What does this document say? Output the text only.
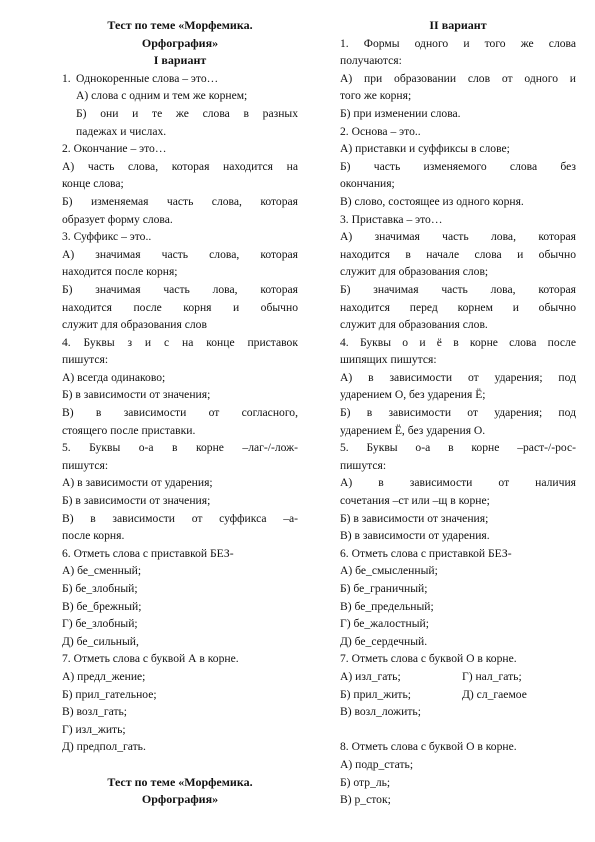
Тест по теме «Морфемика.
Орфография»
I вариант
1. Однокоренные слова – это…
А) слова с одним и тем же корнем;
Б) они и те же слова в разных
падежах и числах.
2. Окончание – это…
А) часть слова, которая находится на
конце слова;
Б) изменяемая часть слова, которая
образует форму слова.
3. Суффикс – это..
А) значимая часть слова, которая
находится после корня;
Б) значимая часть лова, которая
находится после корня и обычно
служит для образования слов
4. Буквы з и с на конце приставок
пишутся:
А) всегда одинаково;
Б) в зависимости от значения;
В) в зависимости от согласного,
стоящего после приставки.
5. Буквы о-а в корне –лаг-/-лож-
пишутся:
А) в зависимости от ударения;
Б) в зависимости от значения;
В) в зависимости от суффикса –а-
после корня.
6. Отметь слова с приставкой БЕЗ-
А) бе_сменный;
Б) бе_злобный;
В) бе_брежный;
Г) бе_злобный;
Д) бе_сильный,
7. Отметь слова с буквой А в корне.
А) предл_жение;
Б) прил_гательное;
В) возл_гать;
Г) изл_жить;
Д) предпол_гать.
Тест по теме «Морфемика.
Орфография»
II вариант
1. Формы одного и того же слова
получаются:
А) при образовании слов от одного и
того же корня;
Б) при изменении слова.
2. Основа – это..
А) приставки и суффиксы в слове;
Б) часть изменяемого слова без
окончания;
В) слово, состоящее из одного корня.
3. Приставка – это…
А) значимая часть лова, которая
находится в начале слова и обычно
служит для образования слов;
Б) значимая часть лова, которая
находится перед корнем и обычно
служит для образования слов.
4. Буквы о и ё в корне слова после
шипящих пишутся:
А) в зависимости от ударения; под
ударением О, без ударения Ё;
Б) в зависимости от ударения; под
ударением Ё, без ударения О.
5. Буквы о-а в корне –раст-/-рос-
пишутся:
А) в зависимости от наличия
сочетания –ст или –щ в корне;
Б) в зависимости от значения;
В) в зависимости от ударения.
6. Отметь слова с приставкой БЕЗ-
А) бе_смысленный;
Б) бе_граничный;
В) бе_предельный;
Г) бе_жалостный;
Д) бе_сердечный.
7. Отметь слова с буквой О в корне.
А) изл_гать;	Г) нал_гать;
Б) прил_жить;	Д) сл_гаемое
В) возл_ложить;
8. Отметь слова с буквой О в корне.
А) подр_стать;
Б) отр_ль;
В) р_сток;
